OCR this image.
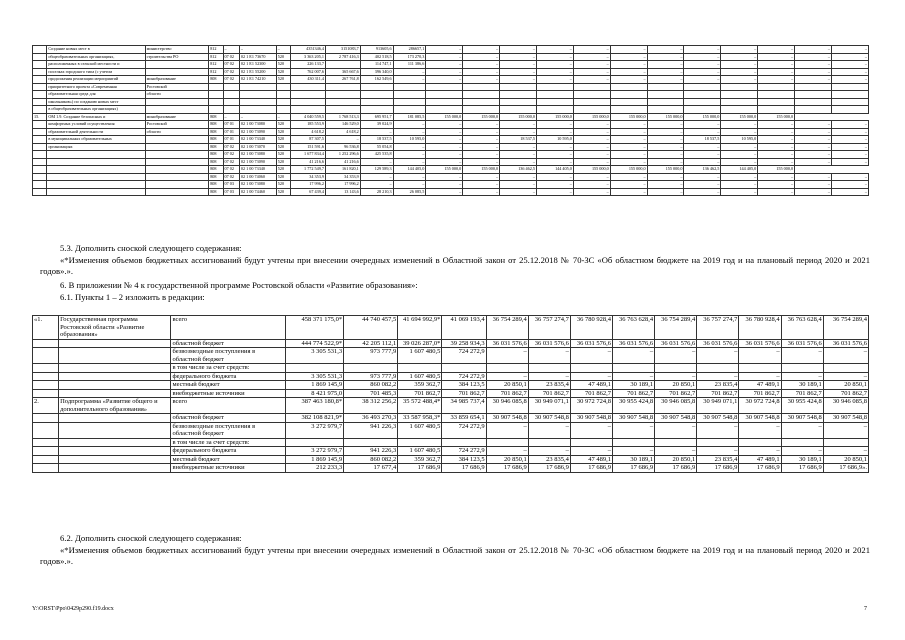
	Создание новых мест в	министерство	812	–	–	–	4351346,4	3151083,7	913605,6	286657,1	–	–	–	–	–	–	–	–	–	–	–	–
	общеобразовательных организациях,	строительства РО	812	07 02	02 1 E1 73670	520	3 363 205,1	2 787 416,3	402 518,5	173 270,3	–	–	–	–	–	–	–	–	–	–	–	–
	расположенных в сельской местности и		812	07 02	02 1 E1 52300	520	226 133,7		114 747,1	111 386,6	–	–	–	–	–	–	–	–	–	–	–	–
	поселках городского типа (с учетом		812	07 02	02 1 E1 55200	520	762 007,6	365 667,6	396 340,0	–	–	–	–	–	–	–	–	–	–	–	–	–
	продолжения реализации мероприятий	минобразование	808	07 02	02 1 E1 74210	520	430 311,4	267 761,8	162 549,6	–	–	–	–	–	–	–	–	–	–	–	–	–
	приоритетного проекта «Современная	Ростовской																				
	образовательная среда для	области																				
	школьников») по созданию новых мест																					
	в общеобразовательных организациях)																					
15.	ОМ 1.9. Создание безопасных и	минобразование	808	–	–	–	4 040 559,5	1 768 513,3	695 951,7	181 085,5	155 000,0	155 000,0	155 000,0	155 000,0	155 000,0	155 000,0	155 000,0	155 000,0	155 000,0	155 000,0		
	комфортных условий осуществления	Ростовской	808	07 01	02 1 00 73080	520	185 553,9	146 529,0	39 024,9	–	–	–	–	–	–	–	–	–	–	–	–	–
	образовательной деятельности	области	808	07 01	02 1 00 73090	520	4 618,2	4 618,2	–	–	–	–	–	–	–	–	–	–	–	–	–	–
	в муниципальных образовательных		808	07 01	02 1 00 73340	520	87 307,5	–	18 537,5	10 595,0	–	–	18 537,5	10 595,0	–	–	–	18 537,5	10 595,0	–	–	–
	организациях		808	07 02	02 1 00 73070	520	151 591,6	96 536,8	55 054,8	–	–	–	–	–	–	–	–	–	–	–	–	–
			808	07 02	02 1 00 73080	520	1 677 834,4	1 252 296,6	425 535,8	–	–	–	–	–	–	–	–	–	–	–	–	–
			808	07 02	02 1 00 73090	520	41 216,6	41 216,6	–	–	–	–	–	–	–	–	–	–	–	–	–	–
			808	07 02	02 1 00 73340	520	1 772 549,7	161 820,1	129 589,3	144 405,0	155 000,0	155 000,0	136 462,5	144 405,0	155 000,0	155 000,0	155 000,0	136 462,5	144 405,0	155 000,0		
			808	07 02	02 1 00 74060	520	34 353,9	34 353,9	–	–	–	–	–	–	–	–	–	–	–	–	–	–
			808	07 03	02 1 00 73080	520	17 996,2	17 996,2	–	–	–	–	–	–	–	–	–	–	–	–	–	–
			808	07 03	02 1 00 74460	520	67 439,4	13 143,6	28 210,3	26 085,5	–	–	–	–	–	–	–	–	–	–	–	–
5.3. Дополнить сноской следующего содержания:
«*Изменения объемов бюджетных ассигнований будут учтены при внесении очередных изменений в Областной закон от 25.12.2018 № 70-ЗС «Об областном бюджете на 2019 год и на плановый период 2020 и 2021 годов».».
6. В приложении № 4 к государственной программе Ростовской области «Развитие образования»:
6.1. Пункты 1 – 2 изложить в редакции:
«1.	Государственная программа Ростовской области «Развитие образования»	всего	458 371 175,0*	44 740 457,5	41 694 992,9*	41 069 193,4	36 754 289,4	36 757 274,7	36 780 928,4	36 763 628,4	36 754 289,4	36 757 274,7	36 780 928,4	36 763 628,4	36 754 289,4
		областной бюджет	444 774 522,9*	42 205 112,1	39 026 287,0*	39 258 934,3	36 031 576,6	36 031 576,6	36 031 576,6	36 031 576,6	36 031 576,6	36 031 576,6	36 031 576,6	36 031 576,6	36 031 576,6
		безвозмездные поступления в областной бюджет	3 305 531,3	973 777,9	1 607 480,5	724 272,9	–	–	–	–	–	–	–	–	–
		в том числе за счет средств:													
		федерального бюджета	3 305 531,3	973 777,9	1 607 480,5	724 272,9	–	–	–	–	–	–	–	–	–
		местный бюджет	1 869 145,9	860 082,2	359 362,7	384 123,5	20 850,1	23 835,4	47 489,1	30 189,1	20 850,1	23 835,4	47 489,1	30 189,1	20 850,1
		внебюджетные источники	8 421 975,0	701 485,3	701 862,7	701 862,7	701 862,7	701 862,7	701 862,7	701 862,7	701 862,7	701 862,7	701 862,7	701 862,7	701 862,7
2.	Подпрограмма «Развитие общего и дополнительного образования»	всего	387 463 180,8*	38 312 256,2	35 572 488,4*	34 985 737,4	30 946 085,8	30 949 071,1	30 972 724,8	30 955 424,8	30 946 085,8	30 949 071,1	30 972 724,8	30 955 424,8	30 946 085,8
		областной бюджет	382 108 821,9*	36 493 270,3	33 587 958,3*	33 859 654,1	30 907 548,8	30 907 548,8	30 907 548,8	30 907 548,8	30 907 548,8	30 907 548,8	30 907 548,8	30 907 548,8	30 907 548,8
		безвозмездные поступления в областной бюджет	3 272 979,7	941 226,3	1 607 480,5	724 272,9	–	–	–	–	–	–	–	–	–
		в том числе за счет средств:													
		федерального бюджета	3 272 979,7	941 226,3	1 607 480,5	724 272,9	–	–	–	–	–	–	–	–	–
		местный бюджет	1 869 145,9	860 082,2	359 362,7	384 123,5	20 850,1	23 835,4	47 489,1	30 189,1	20 850,1	23 835,4	47 489,1	30 189,1	20 850,1
		внебюджетные источники	212 233,3	17 677,4	17 686,9	17 686,9	17 686,9	17 686,9	17 686,9	17 686,9	17 686,9	17 686,9	17 686,9	17 686,9	17 686,9».
6.2. Дополнить сноской следующего содержания:
«*Изменения объемов бюджетных ассигнований будут учтены при внесении очередных изменений в Областной закон от 25.12.2018 № 70-ЗС «Об областном бюджете на 2019 год и на плановый период 2020 и 2021 годов».».
Y:\ORST\Ppo\0429p290.f19.docx	7
